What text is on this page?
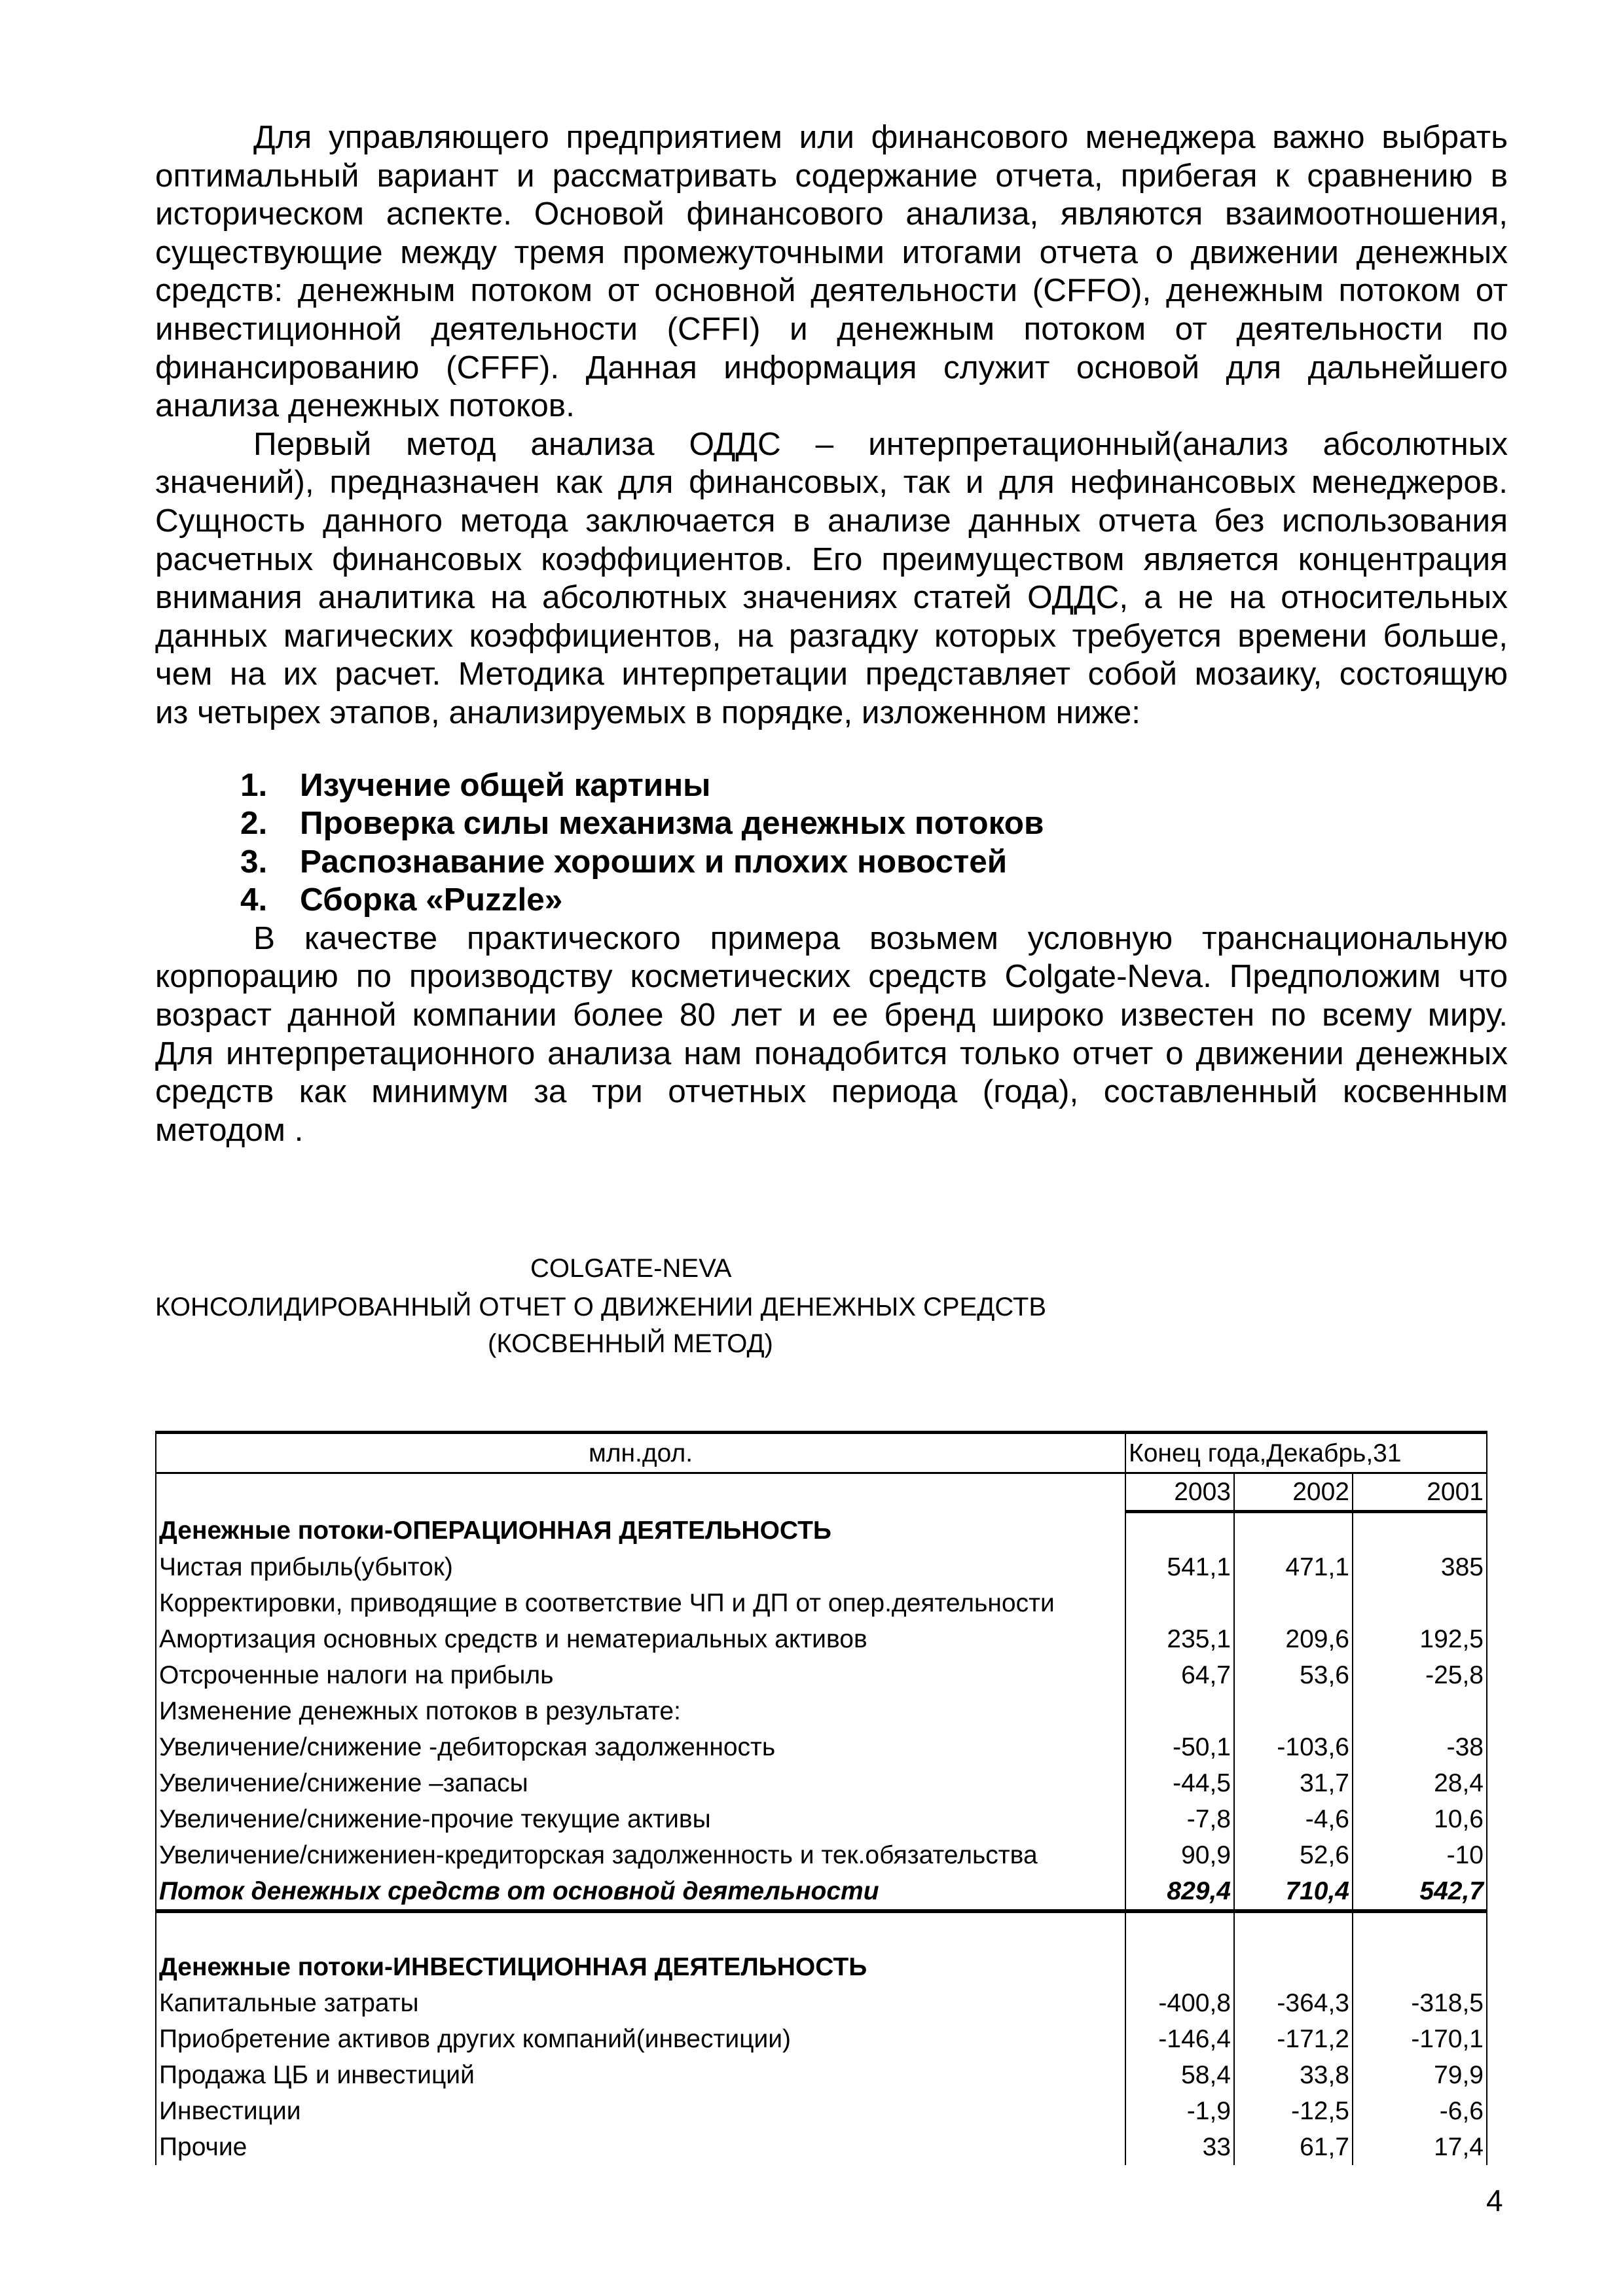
Для управляющего предприятием или финансового менеджера важно выбрать
оптимальный вариант и рассматривать содержание отчета, прибегая к сравнению в
историческом аспекте. Основой финансового анализа, являются взаимоотношения,
существующие между тремя промежуточными итогами отчета о движении денежных
средств: денежным потоком от основной деятельности (CFFO), денежным потоком от
инвестиционной деятельности (CFFI) и денежным потоком от деятельности по
финансированию (CFFF). Данная информация служит основой для дальнейшего
анализа денежных потоков.
Первый метод анализа ОДДС – интерпретационный(анализ абсолютных
значений), предназначен как для финансовых, так и для нефинансовых менеджеров.
Сущность данного метода заключается в анализе данных отчета без использования
расчетных финансовых коэффициентов. Его преимуществом является концентрация
внимания аналитика на абсолютных значениях статей ОДДС, а не на относительных
данных магических коэффициентов, на разгадку которых требуется времени больше,
чем на их расчет. Методика интерпретации представляет собой мозаику, состоящую
из четырех этапов, анализируемых в порядке, изложенном ниже:
1. Изучение общей картины
2. Проверка силы механизма денежных потоков
3. Распознавание хороших и плохих новостей
4. Сборка «Puzzle»
В качестве практического примера возьмем условную транснациональную
корпорацию по производству косметических средств Colgate-Neva. Предположим что
возраст данной компании более 80 лет и ее бренд широко известен по всему миру.
Для интерпретационного анализа нам понадобится только отчет о движении денежных
средств как минимум за три отчетных периода (года), составленный косвенным
методом .
COLGATE-NEVA
КОНСОЛИДИРОВАННЫЙ ОТЧЕТ О ДВИЖЕНИИ ДЕНЕЖНЫХ СРЕДСТВ
(КОСВЕННЫЙ МЕТОД)
млн.дол.	Конец года,Декабрь,31		
	2003	2002	2001
Денежные потоки-ОПЕРАЦИОННАЯ ДЕЯТЕЛЬНОСТЬ			
Чистая прибыль(убыток)	541,1	471,1	385
Корректировки, приводящие в соответствие ЧП и ДП от опер.деятельности			
Амортизация основных средств и нематериальных активов	235,1	209,6	192,5
Отсроченные налоги на прибыль	64,7	53,6	-25,8
Изменение денежных потоков в результате:			
Увеличение/снижение -дебиторская задолженность	-50,1	-103,6	-38
Увеличение/снижение –запасы	-44,5	31,7	28,4
Увеличение/снижение-прочие текущие активы	-7,8	-4,6	10,6
Увеличение/снижениен-кредиторская задолженность и тек.обязательства	90,9	52,6	-10
Поток денежных средств от основной деятельности	829,4	710,4	542,7

Денежные потоки-ИНВЕСТИЦИОННАЯ ДЕЯТЕЛЬНОСТЬ			
Капитальные затраты	-400,8	-364,3	-318,5
Приобретение активов других компаний(инвестиции)	-146,4	-171,2	-170,1
Продажа ЦБ и инвестиций	58,4	33,8	79,9
Инвестиции	-1,9	-12,5	-6,6
Прочие	33	61,7	17,4
4
